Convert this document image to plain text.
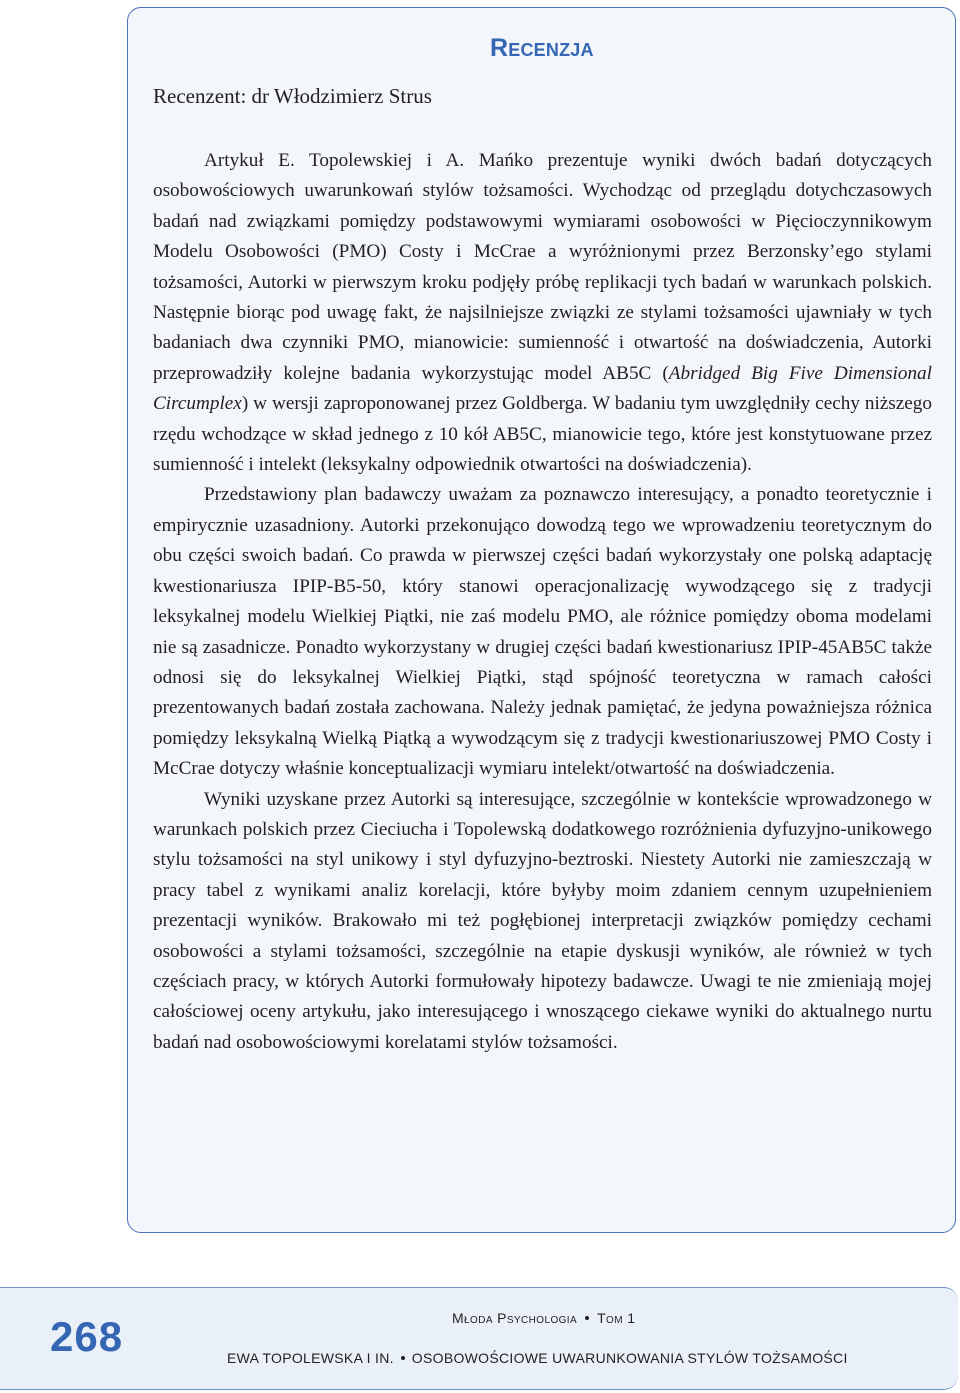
Recenzja
Recenzent: dr Włodzimierz Strus

Artykuł E. Topolewskiej i A. Mańko prezentuje wyniki dwóch badań dotyczących osobowościowych uwarunkowań stylów tożsamości. Wychodząc od przeglądu dotychczasowych badań nad związkami pomiędzy podstawowymi wymiarami osobowości w Pięcioczynnikowym Modelu Osobowości (PMO) Costy i McCrae a wyróżnionymi przez Berzonsky’ego stylami tożsamości, Autorki w pierwszym kroku podjęły próbę replikacji tych badań w warunkach polskich. Następnie biorąc pod uwagę fakt, że najsilniejsze związki ze stylami tożsamości ujawniały w tych badaniach dwa czynniki PMO, mianowicie: sumienność i otwartość na doświadczenia, Autorki przeprowadziły kolejne badania wykorzystując model AB5C (Abridged Big Five Dimensional Circumplex) w wersji zaproponowanej przez Goldberga. W badaniu tym uwzględniły cechy niższego rzędu wchodzące w skład jednego z 10 kół AB5C, mianowicie tego, które jest konstytuowane przez sumienność i intelekt (leksykalny odpowiednik otwartości na doświadczenia).

Przedstawiony plan badawczy uważam za poznawczo interesujący, a ponadto teoretycznie i empirycznie uzasadniony. Autorki przekonująco dowodzą tego we wprowadzeniu teoretycznym do obu części swoich badań. Co prawda w pierwszej części badań wykorzystały one polską adaptację kwestionariusza IPIP-B5-50, który stanowi operacjonalizację wywodzącego się z tradycji leksykalnej modelu Wielkiej Piątki, nie zaś modelu PMO, ale różnice pomiędzy oboma modelami nie są zasadnicze. Ponadto wykorzystany w drugiej części badań kwestionariusz IPIP-45AB5C także odnosi się do leksykalnej Wielkiej Piątki, stąd spójność teoretyczna w ramach całości prezentowanych badań została zachowana. Należy jednak pamiętać, że jedyna poważniejsza różnica pomiędzy leksykalną Wielką Piątką a wywodzącym się z tradycji kwestionariuszowej PMO Costy i McCrae dotyczy właśnie konceptualizacji wymiaru intelekt/otwartość na doświadczenia.

Wyniki uzyskane przez Autorki są interesujące, szczególnie w kontekście wprowadzonego w warunkach polskich przez Cieciucha i Topolewską dodatkowego rozróżnienia dyfuzyjno-unikowego stylu tożsamości na styl unikowy i styl dyfuzyjno-beztroski. Niestety Autorki nie zamieszczają w pracy tabel z wynikami analiz korelacji, które byłyby moim zdaniem cennym uzupełnieniem prezentacji wyników. Brakowało mi też pogłębionej interpretacji związków pomiędzy cechami osobowości a stylami tożsamości, szczególnie na etapie dyskusji wyników, ale również w tych częściach pracy, w których Autorki formułowały hipotezy badawcze. Uwagi te nie zmieniają mojej całościowej oceny artykułu, jako interesującego i wnoszącego ciekawe wyniki do aktualnego nurtu badań nad osobowościowymi korelatami stylów tożsamości.

268	Młoda Psychologia Tom 1
EWA TOPOLEWSKA I IN. OSOBOWOŚCIOWE UWARUNKOWANIA STYLÓW TOŻSAMOŚCI
